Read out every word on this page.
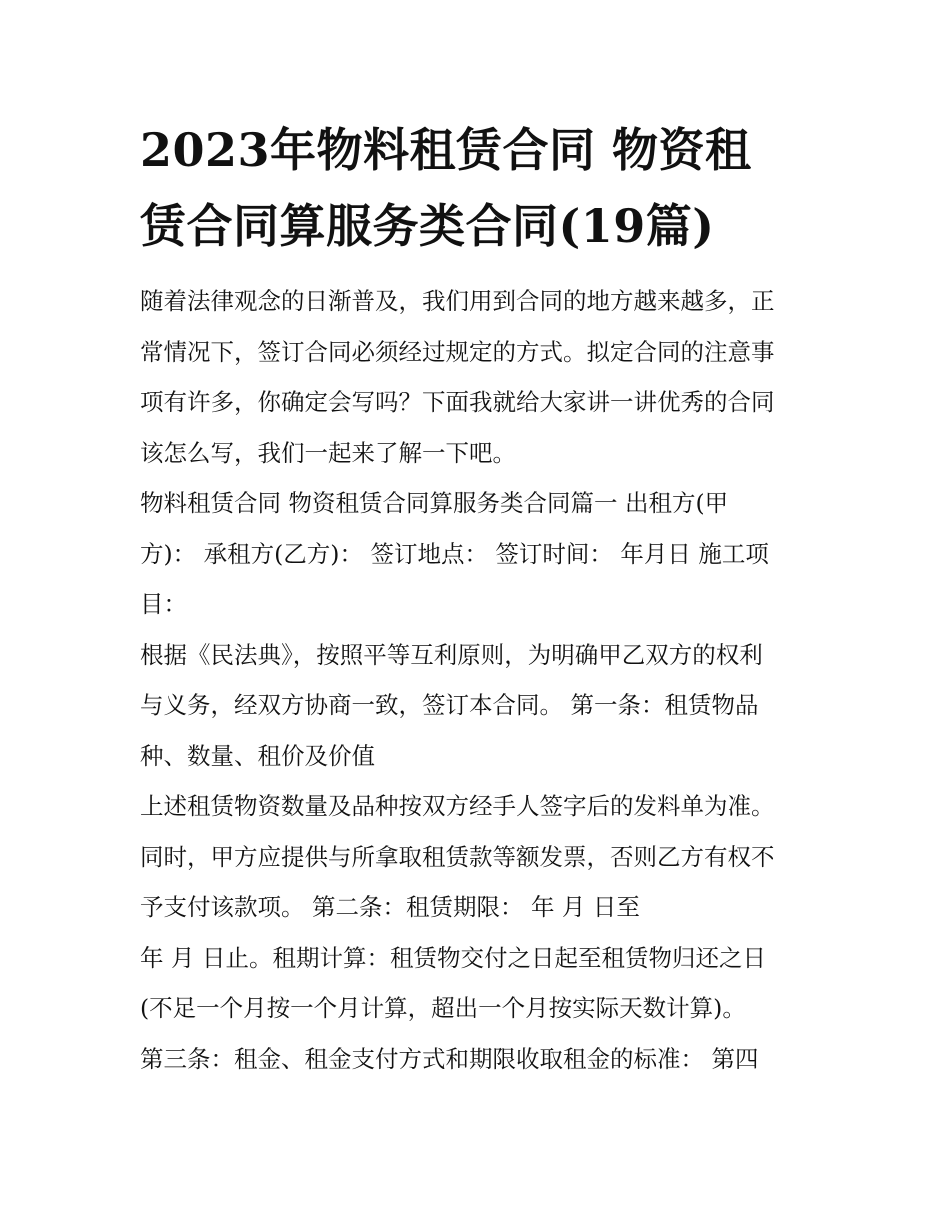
2023年物料租赁合同 物资租
赁合同算服务类合同(19篇)

随着法律观念的日渐普及，我们用到合同的地方越来越多，正
常情况下，签订合同必须经过规定的方式。拟定合同的注意事
项有许多，你确定会写吗？下面我就给大家讲一讲优秀的合同
该怎么写，我们一起来了解一下吧。

物料租赁合同 物资租赁合同算服务类合同篇一 出租方(甲
方)： 承租方(乙方)： 签订地点： 签订时间： 年月日 施工项
目：

根据《民法典》，按照平等互利原则，为明确甲乙双方的权利
与义务，经双方协商一致，签订本合同。 第一条：租赁物品
种、数量、租价及价值

上述租赁物资数量及品种按双方经手人签字后的发料单为准。
同时，甲方应提供与所拿取租赁款等额发票，否则乙方有权不
予支付该款项。 第二条：租赁期限： 年 月 日至

年 月 日止。租期计算：租赁物交付之日起至租赁物归还之日
(不足一个月按一个月计算，超出一个月按实际天数计算)。
第三条：租金、租金支付方式和期限收取租金的标准： 第四
